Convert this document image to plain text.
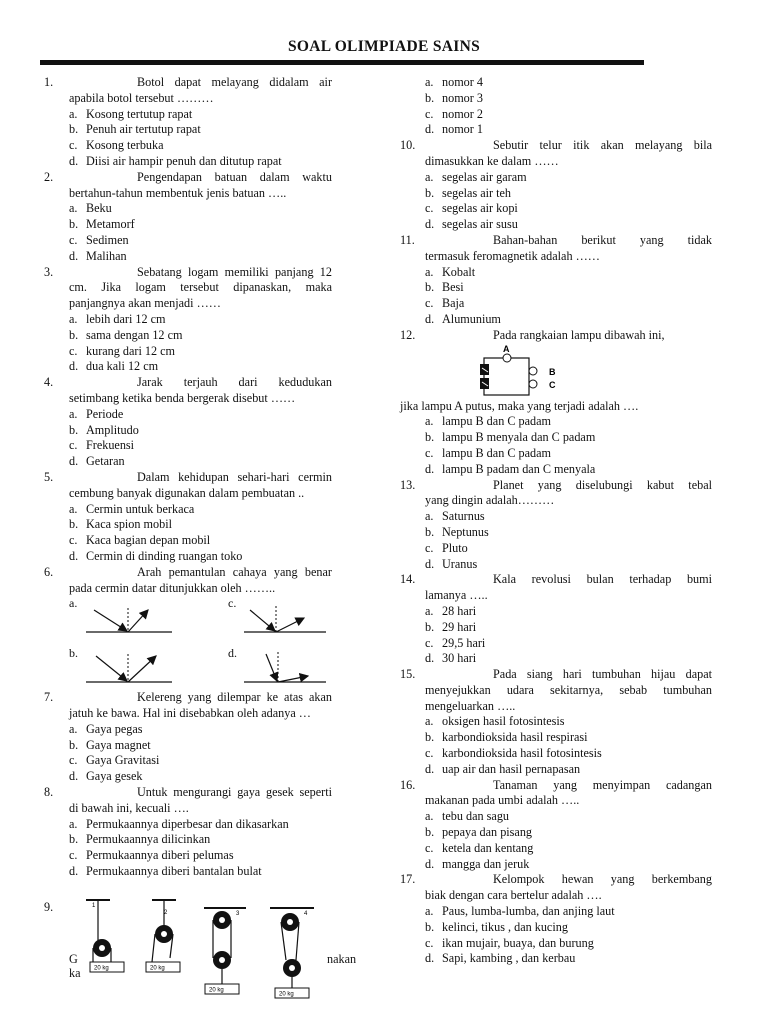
SOAL OLIMPIADE SAINS
1.	Botol dapat melayang didalam air
apabila botol tersebut ………
a. Kosong tertutup rapat
b. Penuh air tertutup rapat
c. Kosong terbuka
d. Diisi air hampir penuh dan ditutup rapat
2.	Pengendapan batuan dalam waktu
bertahun-tahun membentuk jenis batuan …..
a. Beku
b. Metamorf
c. Sedimen
d. Malihan
3.	Sebatang logam memiliki panjang 12
cm. Jika logam tersebut dipanaskan, maka panjangnya akan menjadi ……
a. lebih dari 12 cm
b. sama dengan 12 cm
c. kurang dari 12 cm
d. dua kali 12 cm
4.	Jarak terjauh dari kedudukan
setimbang ketika benda bergerak disebut ……
a. Periode
b. Amplitudo
c. Frekuensi
d. Getaran
5.	Dalam kehidupan sehari-hari cermin
cembung banyak digunakan dalam pembuatan ..
a. Cermin untuk berkaca
b. Kaca spion mobil
c. Kaca bagian depan mobil
d. Cermin di dinding ruangan toko
6.	Arah pemantulan cahaya yang benar
pada cermin datar ditunjukkan oleh ……..
a.	c.
b.	d.
7.	Kelereng yang dilempar ke atas akan
jatuh ke bawa. Hal ini disebabkan oleh adanya …
a. Gaya pegas
b. Gaya magnet
c. Gaya Gravitasi
d. Gaya gesek
8.	Untuk mengurangi gaya gesek seperti
di bawah ini, kecuali ….
a. Permukaannya diperbesar dan dikasarkan
b. Permukaannya dilicinkan
c. Permukaannya diberi pelumas
d. Permukaannya diberi bantalan bulat
9.
G
ka
nakan
1
20 kg
2
20 kg
3
20 kg
4
20 kg
a. nomor 4
b. nomor 3
c. nomor 2
d. nomor 1
10.	Sebutir telur itik akan melayang bila
dimasukkan ke dalam ……
a. segelas air garam
b. segelas air teh
c. segelas air kopi
d. segelas air susu
11.	Bahan-bahan berikut yang tidak
termasuk feromagnetik adalah ……
a. Kobalt
b. Besi
c. Baja
d. Alumunium
12.	Pada rangkaian lampu dibawah ini,
A
B
C
jika lampu A putus, maka yang terjadi adalah ….
a. lampu B dan C padam
b. lampu B menyala dan C padam
c. lampu B dan C padam
d. lampu B padam dan C menyala
13.	Planet yang diselubungi kabut tebal
yang dingin adalah………
a. Saturnus
b. Neptunus
c. Pluto
d. Uranus
14.	Kala revolusi bulan terhadap bumi
lamanya …..
a. 28 hari
b. 29 hari
c. 29,5 hari
d. 30 hari
15.	Pada siang hari tumbuhan hijau dapat
menyejukkan udara sekitarnya, sebab tumbuhan mengeluarkan …..
a. oksigen hasil fotosintesis
b. karbondioksida hasil respirasi
c. karbondioksida hasil fotosintesis
d. uap air dan hasil pernapasan
16.	Tanaman yang menyimpan cadangan
makanan pada umbi adalah …..
a. tebu dan sagu
b. pepaya dan pisang
c. ketela dan kentang
d. mangga dan jeruk
17.	Kelompok hewan yang berkembang
biak dengan cara bertelur adalah ….
a. Paus, lumba-lumba, dan anjing laut
b. kelinci, tikus , dan kucing
c. ikan mujair, buaya, dan burung
d. Sapi, kambing , dan kerbau
